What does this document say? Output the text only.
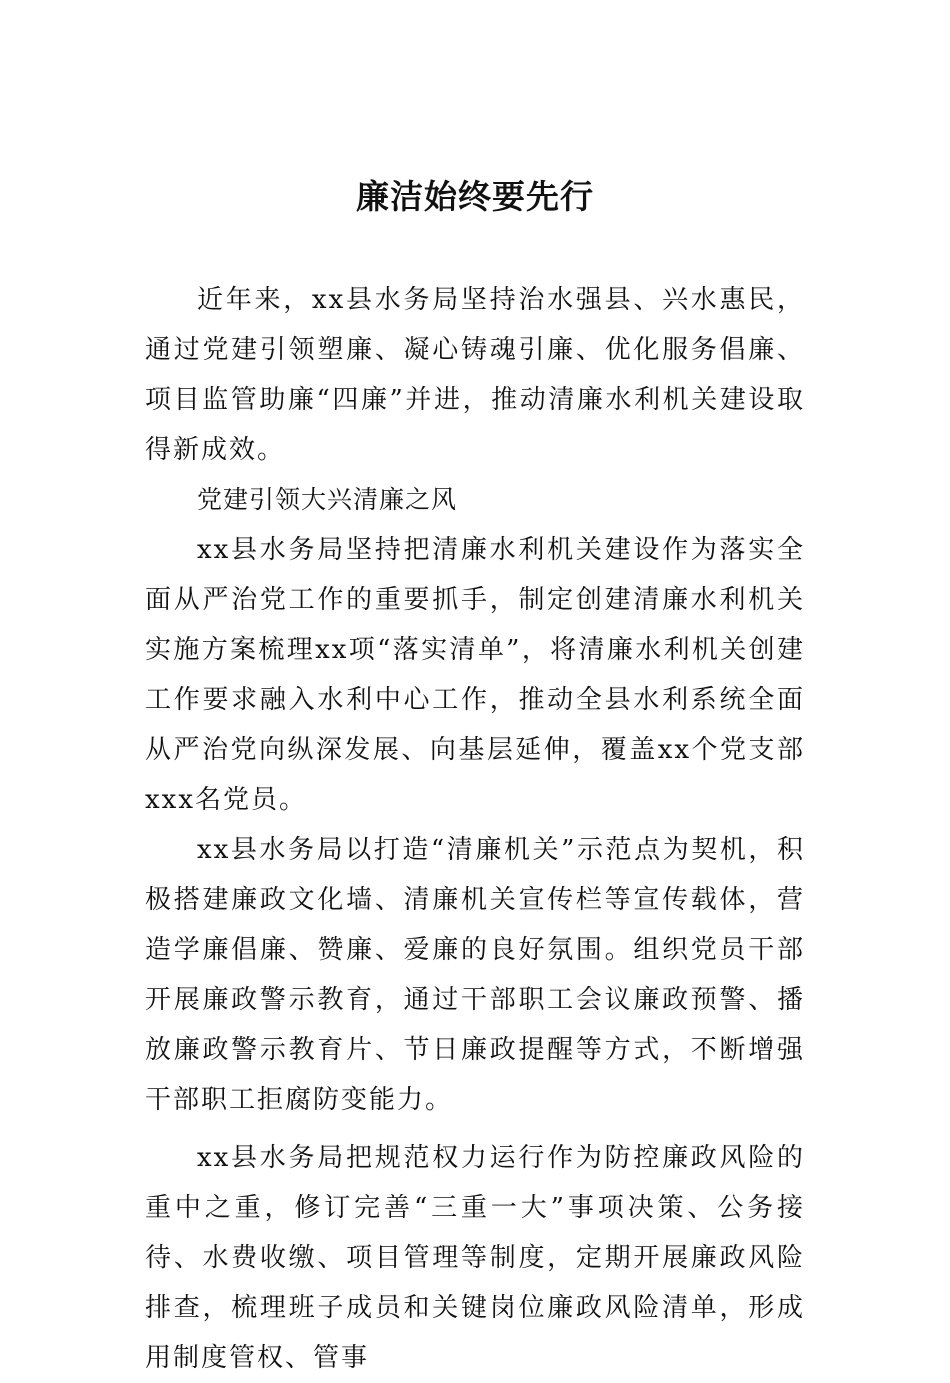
廉洁始终要先行

近年来，xx县水务局坚持治水强县、兴水惠民，通过党建引领塑廉、凝心铸魂引廉、优化服务倡廉、项目监管助廉“四廉”并进，推动清廉水利机关建设取得新成效。

党建引领大兴清廉之风

xx县水务局坚持把清廉水利机关建设作为落实全面从严治党工作的重要抓手，制定创建清廉水利机关实施方案梳理xx项“落实清单”，将清廉水利机关创建工作要求融入水利中心工作，推动全县水利系统全面从严治党向纵深发展、向基层延伸，覆盖xx个党支部xxx名党员。

xx县水务局以打造“清廉机关”示范点为契机，积极搭建廉政文化墙、清廉机关宣传栏等宣传载体，营造学廉倡廉、赞廉、爱廉的良好氛围。组织党员干部开展廉政警示教育，通过干部职工会议廉政预警、播放廉政警示教育片、节日廉政提醒等方式，不断增强干部职工拒腐防变能力。

xx县水务局把规范权力运行作为防控廉政风险的重中之重，修订完善“三重一大”事项决策、公务接待、水费收缴、项目管理等制度，定期开展廉政风险排查，梳理班子成员和关键岗位廉政风险清单，形成用制度管权、管事
